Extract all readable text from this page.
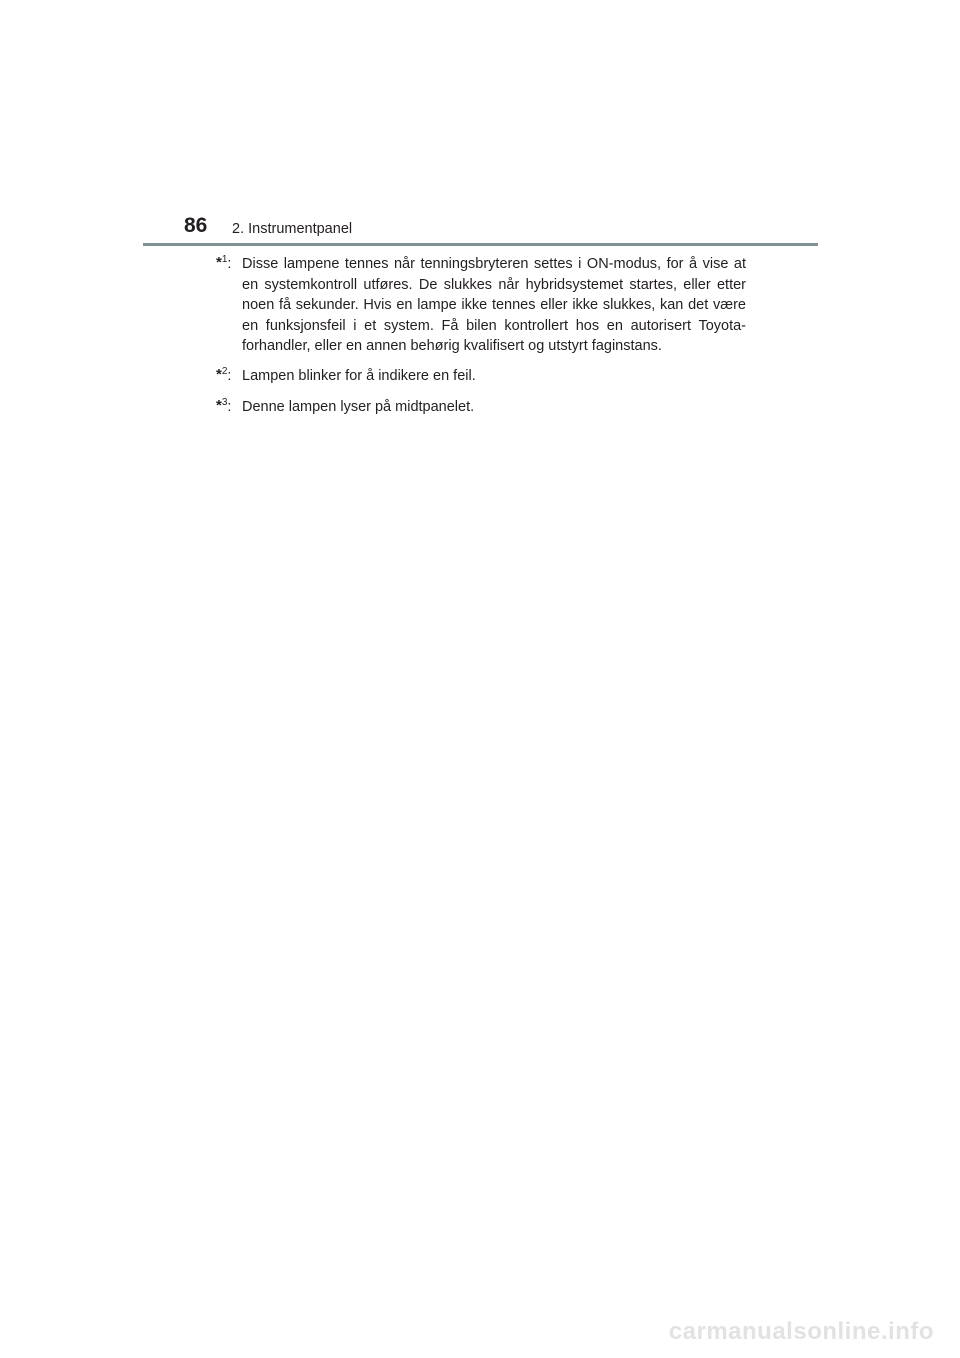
86 2. Instrumentpanel
*$^1$: Disse lampene tennes når tenningsbryteren settes i ON-modus, for å vise at en systemkontroll utføres. De slukkes når hybridsystemet startes, eller etter noen få sekunder. Hvis en lampe ikke tennes eller ikke slukkes, kan det være en funksjonsfeil i et system. Få bilen kontrollert hos en autorisert Toyota-forhandler, eller en annen behørig kvalifisert og utstyrt faginstans.
*$^2$: Lampen blinker for å indikere en feil.
*$^3$: Denne lampen lyser på midtpanelet.
carmanualsonline.info
